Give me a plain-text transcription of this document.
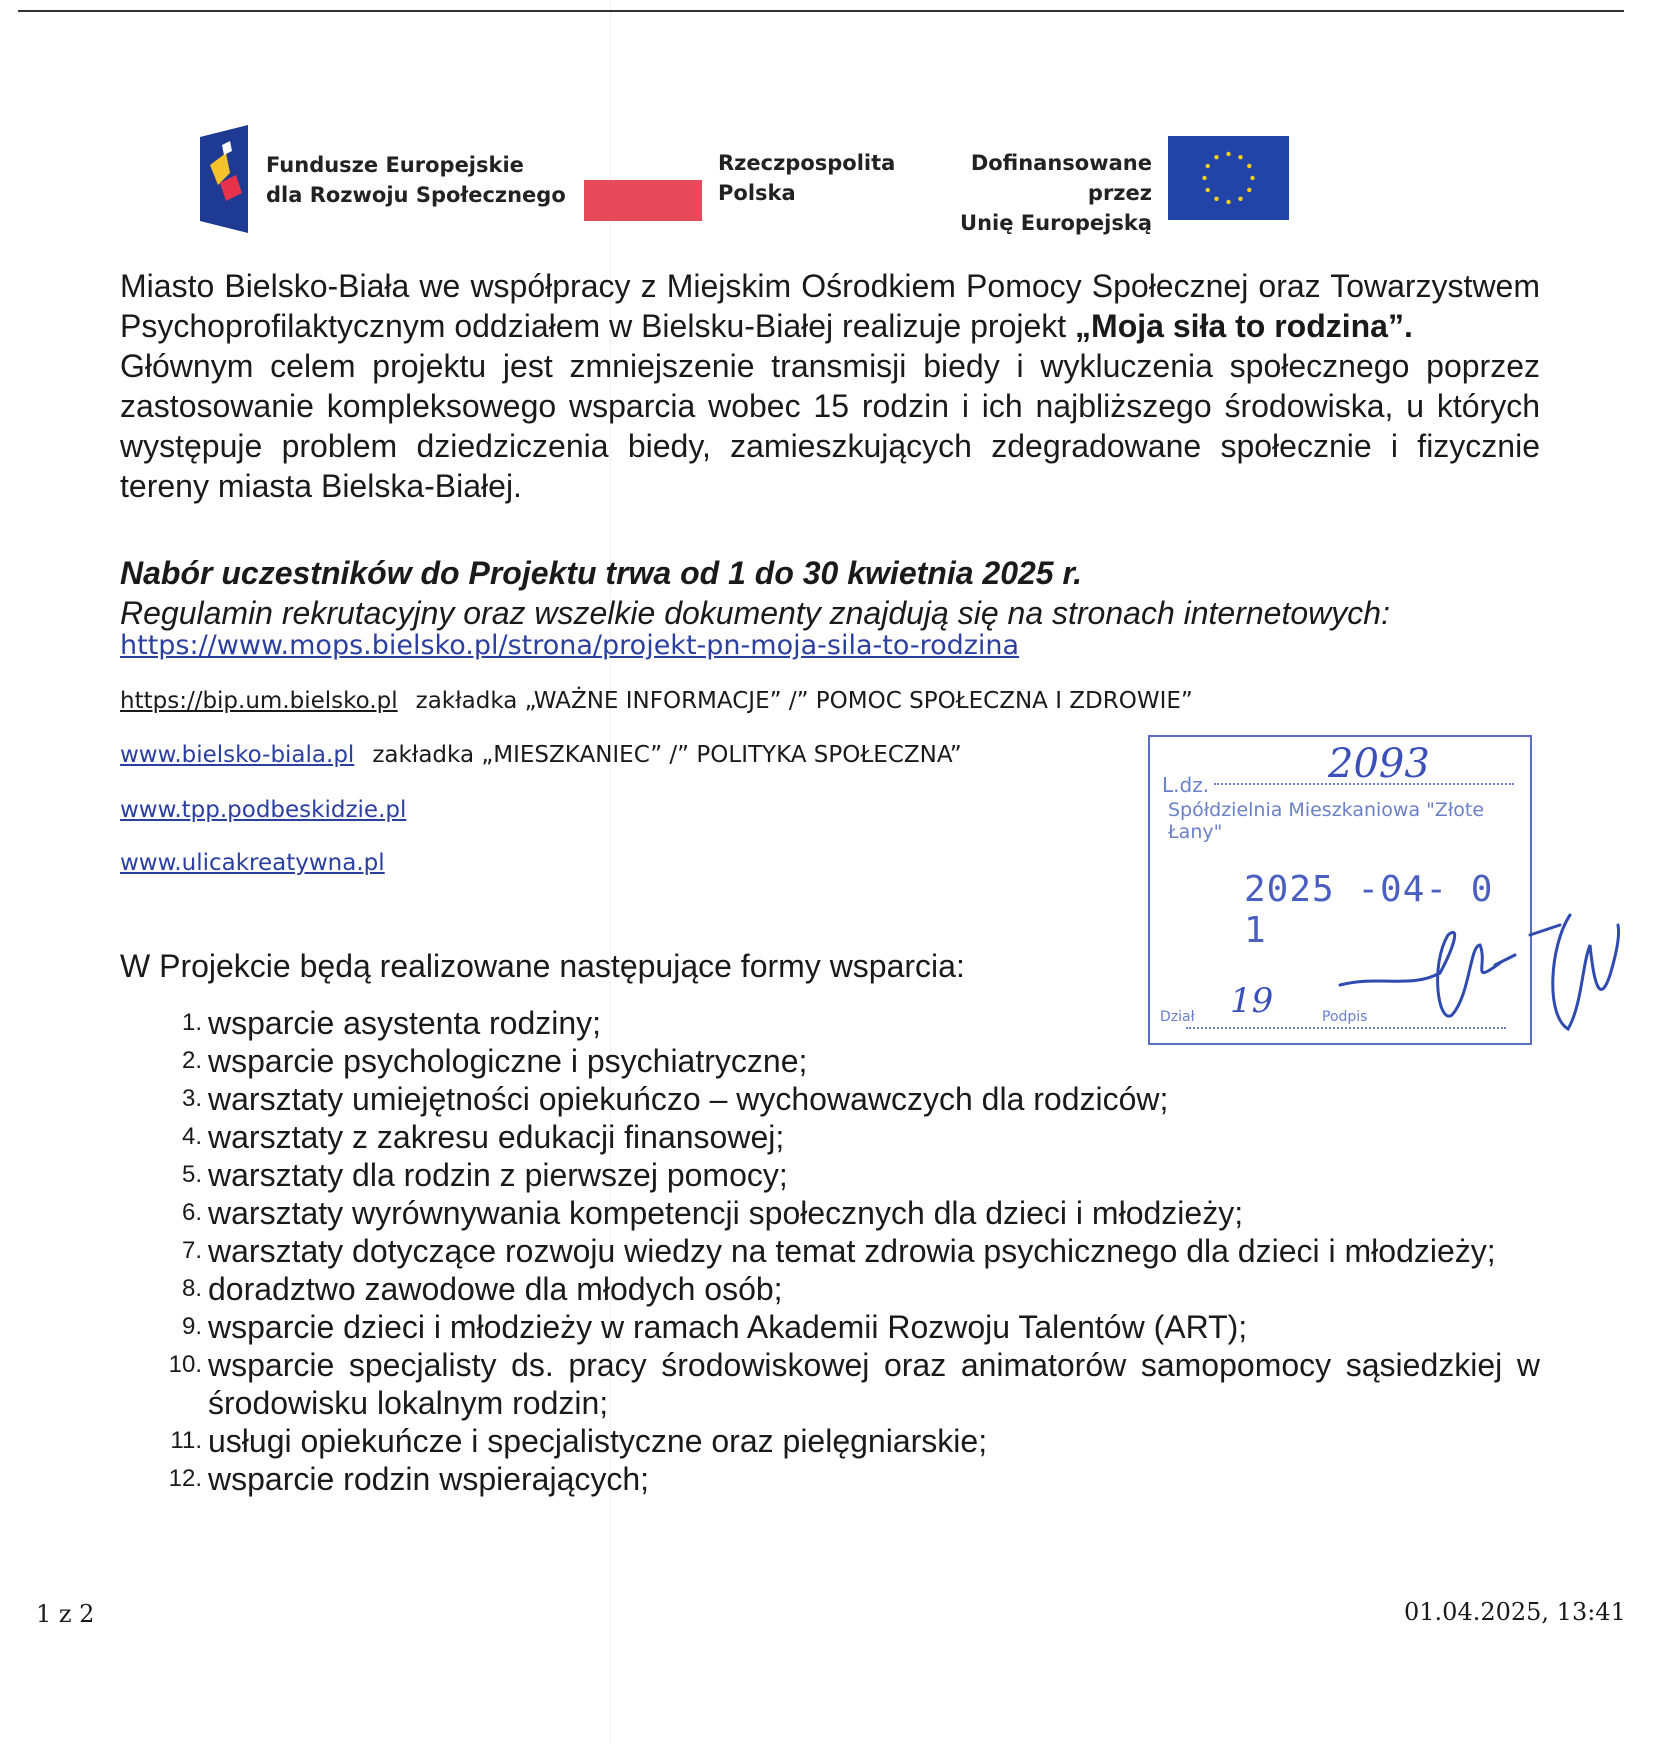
Fundusze Europejskie
dla Rozwoju Społecznego
Rzeczpospolita
Polska
Dofinansowane przez
Unię Europejską

Miasto Bielsko-Biała we współpracy z Miejskim Ośrodkiem Pomocy Społecznej oraz Towarzystwem Psychoprofilaktycznym oddziałem w Bielsku-Białej realizuje projekt „Moja siła to rodzina”.

Głównym celem projektu jest zmniejszenie transmisji biedy i wykluczenia społecznego poprzez zastosowanie kompleksowego wsparcia wobec 15 rodzin i ich najbliższego środowiska, u których występuje problem dziedziczenia biedy, zamieszkujących zdegradowane społecznie i fizycznie tereny miasta Bielska-Białej.

Nabór uczestników do Projektu trwa od 1 do 30 kwietnia 2025 r.
Regulamin rekrutacyjny oraz wszelkie dokumenty znajdują się na stronach internetowych:
https://www.mops.bielsko.pl/strona/projekt-pn-moja-sila-to-rodzina
https://bip.um.bielsko.pl zakładka „WAŻNE INFORMACJE” /” POMOC SPOŁECZNA I ZDROWIE”
www.bielsko-biala.pl zakładka „MIESZKANIEC” /” POLITYKA SPOŁECZNA”
www.tpp.podbeskidzie.pl
www.ulicakreatywna.pl
W Projekcie będą realizowane następujące formy wsparcia:
1. wsparcie asystenta rodziny;
2. wsparcie psychologiczne i psychiatryczne;
3. warsztaty umiejętności opiekuńczo – wychowawczych dla rodziców;
4. warsztaty z zakresu edukacji finansowej;
5. warsztaty dla rodzin z pierwszej pomocy;
6. warsztaty wyrównywania kompetencji społecznych dla dzieci i młodzieży;
7. warsztaty dotyczące rozwoju wiedzy na temat zdrowia psychicznego dla dzieci i młodzieży;
8. doradztwo zawodowe dla młodych osób;
9. wsparcie dzieci i młodzieży w ramach Akademii Rozwoju Talentów (ART);
10. wsparcie specjalisty ds. pracy środowiskowej oraz animatorów samopomocy sąsiedzkiej w środowisku lokalnym rodzin;
11. usługi opiekuńcze i specjalistyczne oraz pielęgniarskie;
12. wsparcie rodzin wspierających;
L.dz.	2093
Spółdzielnia Mieszkaniowa "Złote Łany"
2025 -04- 0 1
Dział 19	Podpis
1 z 2	01.04.2025, 13:41
